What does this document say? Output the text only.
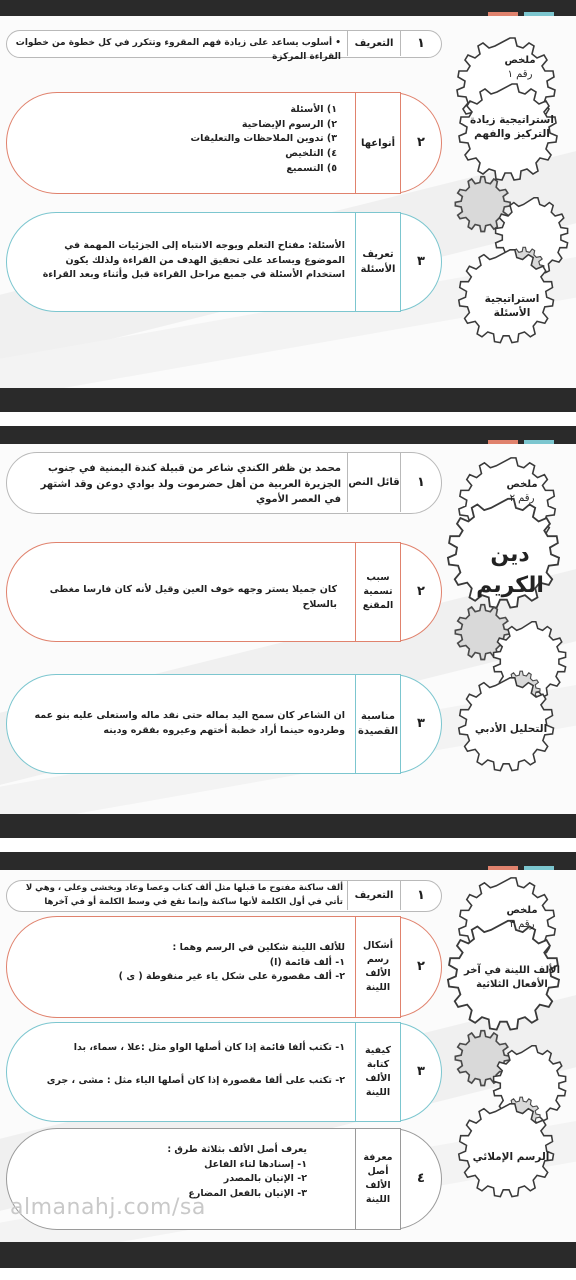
ملخص
رقم ١
استراتيجية زيادة التركيز والفهم
استراتيجية الأسئلة
١
التعريف
• أسلوب يساعد على زيادة فهم المقروء وتتكرر في كل خطوة من خطوات القراءة المركزة
٢
أنواعها

١) الأسئلة

٢) الرسوم الإيضاحية

٣) تدوين الملاحظات والتعليقات

٤) التلخيص

٥) التسميع

٣
تعريف الأسئلة
الأسئلة: مفتاح التعلم ويوجه الانتباه إلى الجزئيات المهمة في الموضوع ويساعد على تحقيق الهدف من القراءة ولذلك يكون استخدام الأسئلة في جميع مراحل القراءة قبل وأثناء وبعد القراءة
ملخص
رقم ٢
دين الكريم
التحليل الأدبي
١
قائل النص
محمد بن ظفر الكندي شاعر من قبيلة كندة اليمنية في جنوب الجزيرة العربية من أهل حضرموت ولد بوادي دوعن وقد اشتهر في العصر الأموي
٢
سبب تسمية المقنع
كان جميلا يستر وجهه خوف العين وقيل لأنه كان فارسا مغطى بالسلاح
٣
مناسبة القصيدة
ان الشاعر كان سمح اليد بماله حتى نفد ماله واستعلى عليه بنو عمه وطردوه حينما أراد خطبة أختهم وعيروه بفقره ودينه
ملخص
رقم ٣
الألف اللينة في آخر الأفعال الثلاثية
الرسم الإملائي
١
التعريف
ألف ساكنة مفتوح ما قبلها مثل ألف كتاب وعصا وعاد ويخشى وعلى ، وهي لا تأتي في أول الكلمة لأنها ساكنة وإنما تقع في وسط الكلمة أو في آخرها
٢
أشكال رسم الألف اللينة

للألف اللينة شكلين في الرسم وهما :

١- ألف قائمة (ا)

٢- ألف مقصورة على شكل ياء غير منقوطة ( ى )

٣
كيفية كتابة الألف اللينة

١- تكتب ألفا قائمة إذا كان أصلها الواو مثل :علا ، سماء، بدا

٢- تكتب على ألفا مقصورة إذا كان أصلها الياء مثل : مشى ، جرى

٤
معرفة أصل الألف اللينة

يعرف أصل الألف بثلاثة طرق :

١- إسنادها لتاء الفاعل

٢- الإتيان بالمصدر

٣- الإتيان بالفعل المضارع

almanahj.com/sa
